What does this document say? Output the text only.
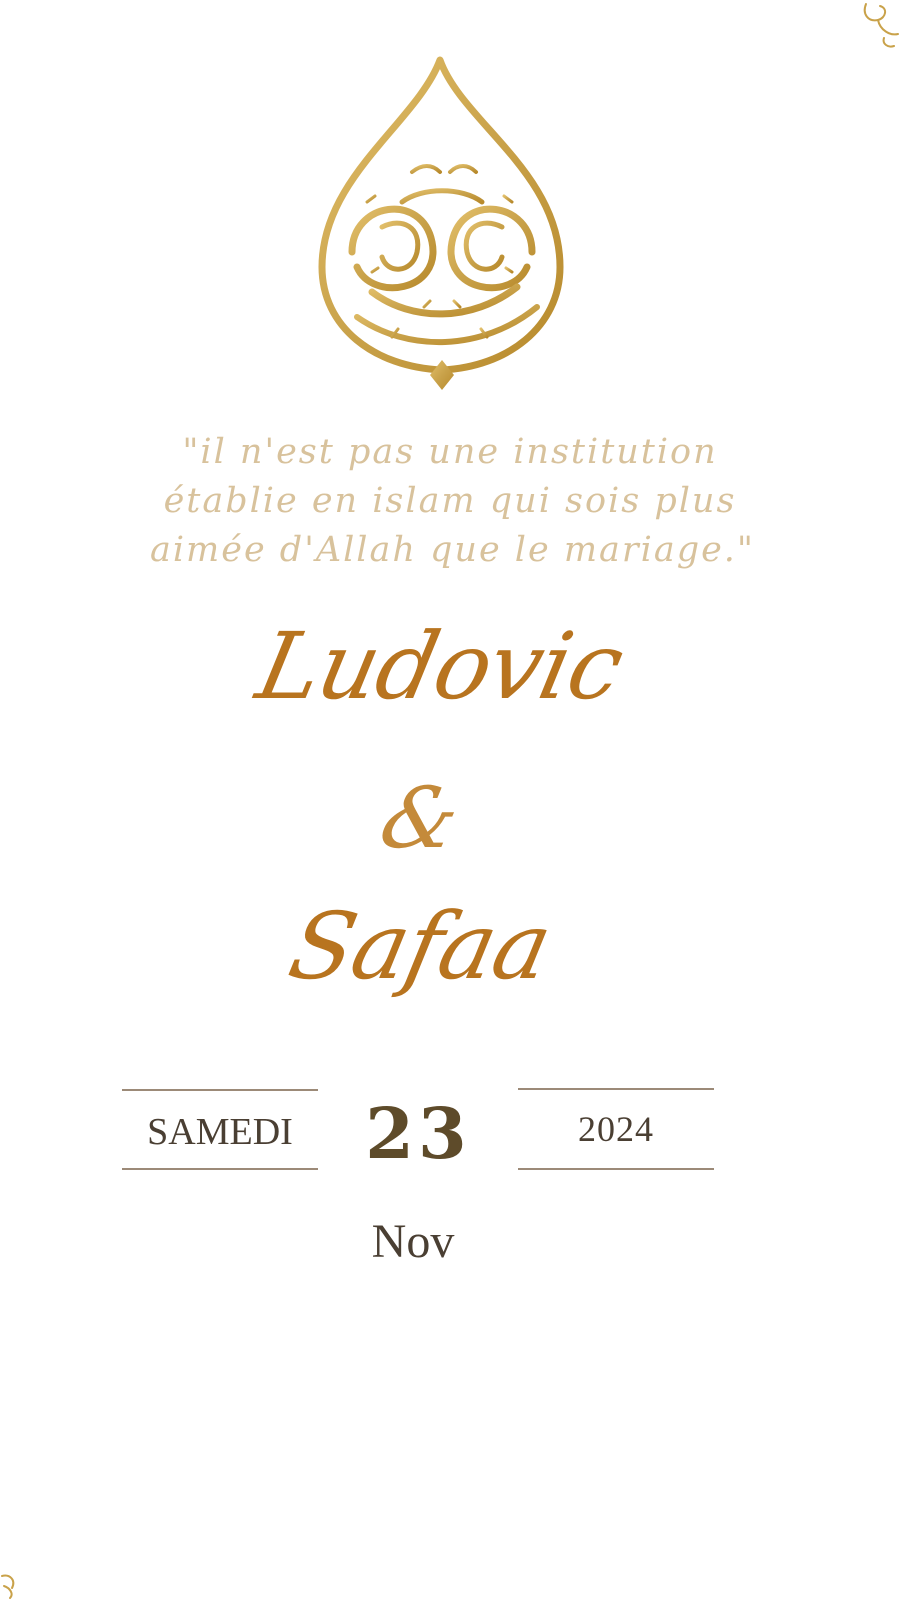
"il n'est pas une institution
établie en islam qui sois plus
aimée d'Allah que le mariage."

Ludovic
&
Safaa
SAMEDI	23	2024
Nov
